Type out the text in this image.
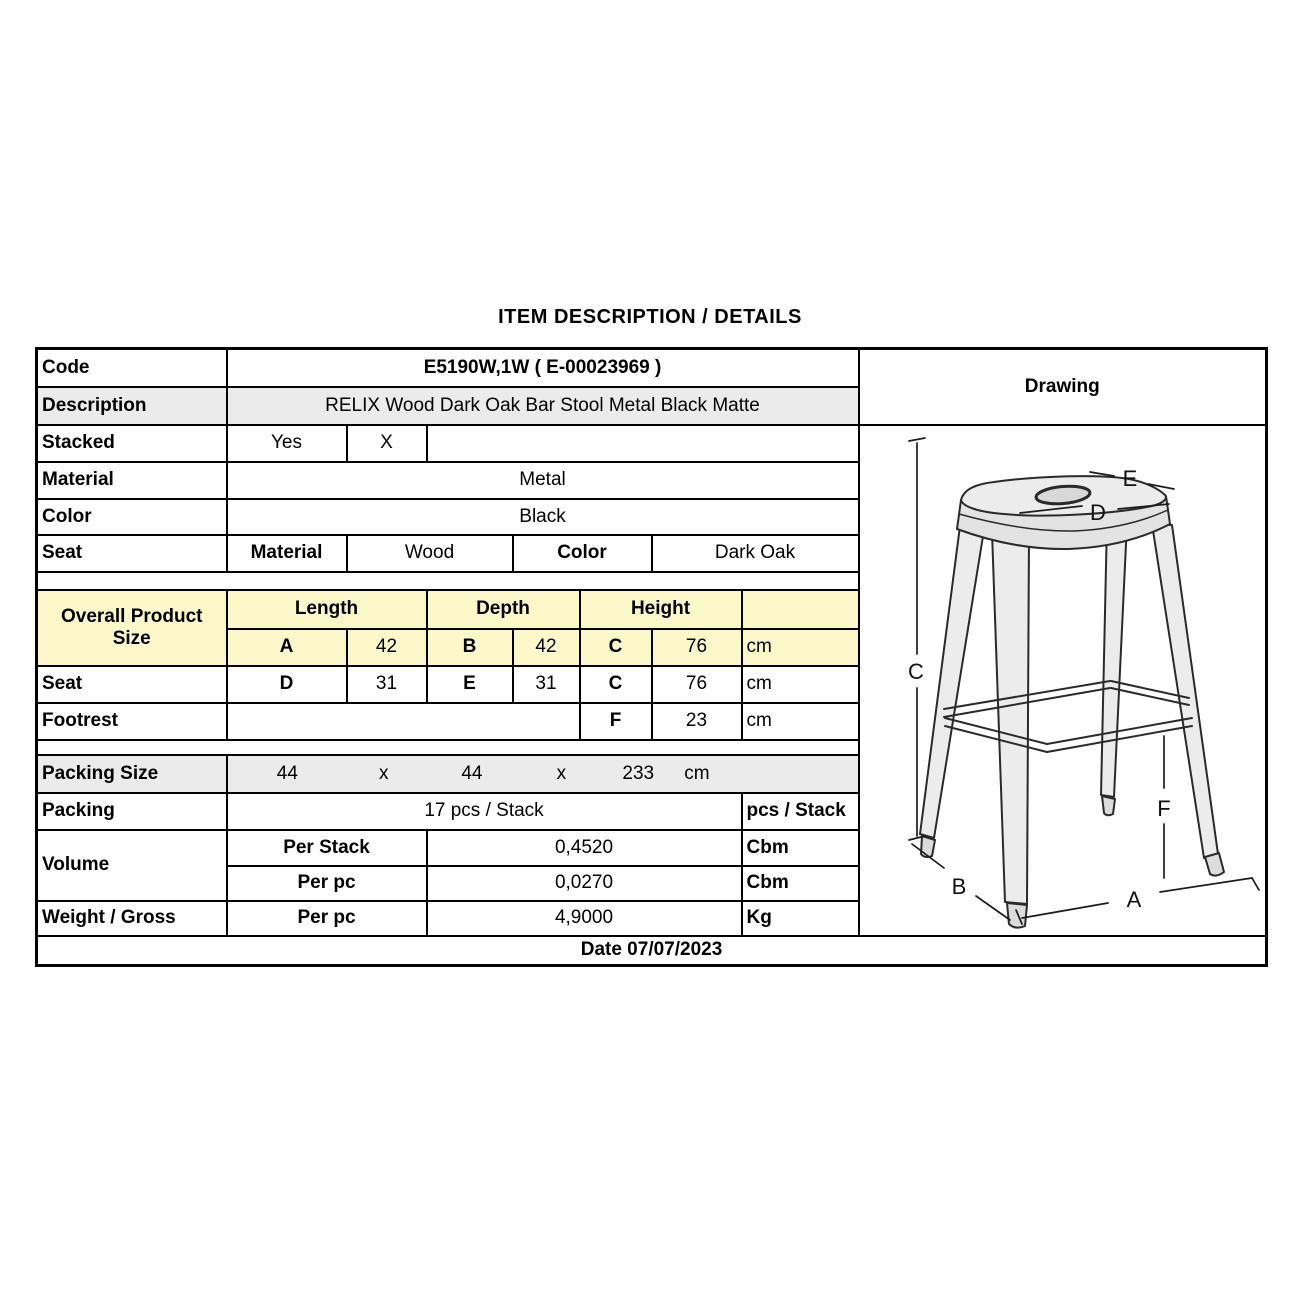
ITEM DESCRIPTION / DETAILS
Code	E5190W,1W ( E-00023969 )							Drawing
Description	RELIX Wood Dark Oak Bar Stool Metal Black Matte							
Stacked	Yes	X		
C
E
D
F
B
A

Material	Metal							
Color	Black							
Seat	Material	Wood		Color		Dark Oak		

Overall Product Size	Length		Depth		Height			
	A	42	B	42	C	76	cm	
Seat	D	31	E	31	C	76	cm	
Footrest					F	23	cm	

Packing Size	44	x	44	x	233 cm

Packing	17 pcs / Stack						pcs / Stack	
Volume	Per Stack		0,4520				Cbm	
	Per pc		0,0270				Cbm	
Weight / Gross	Per pc		4,9000				Kg	
Date 07/07/2023								
